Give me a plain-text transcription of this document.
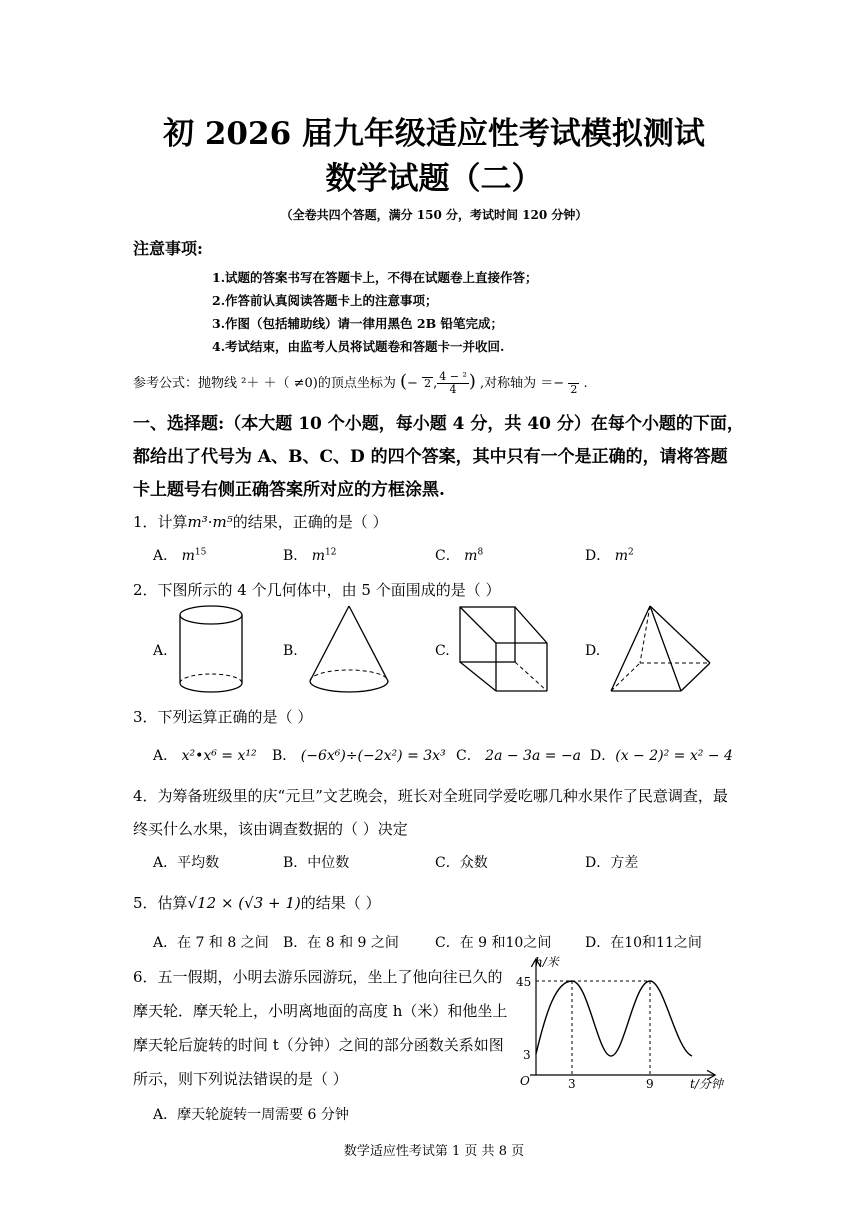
初 2026 届九年级适应性考试模拟测试
数学试题（二）
（全卷共四个答题，满分 150 分，考试时间 120 分钟）
注意事项:
1.试题的答案书写在答题卡上，不得在试题卷上直接作答；
2.作答前认真阅读答题卡上的注意事项；
3.作图（包括辅助线）请一律用黑色 2B 铅笔完成；
4.考试结束，由监考人员将试题卷和答题卡一并收回.
参考公式：抛物线 ²＋ ＋（ ≠0)的顶点坐标为 (− 2 , $\frac{\text{4 − ²}}{4}$ ) ,对称轴为 ＝−
2 .
一、选择题:（本大题 10 个小题，每小题 4 分，共 40 分）在每个小题的下面，
都给出了代号为 A、B、C、D 的四个答案，其中只有一个是正确的，请将答题
卡上题号右侧正确答案所对应的方框涂黑.
1．计算m³·m⁵的结果，正确的是（ ）
A． $m^{15}$	B． $m^{12}$	C． $m^8$	D． $m^2$
2．下图所示的 4 个几何体中，由 5 个面围成的是（ ）
A.	B.	C.	D.
3．下列运算正确的是（ ）
A． x²•x⁶ = x¹² B． (−6x⁶)÷(−2x²) = 3x³ C． 2a − 3a = −a D．(x − 2)² = x² − 4
4．为筹备班级里的庆“元旦”文艺晚会，班长对全班同学爱吃哪几种水果作了民意调查，最
终买什么水果，该由调查数据的（ ）决定
A．平均数	B．中位数	C．众数	D．方差
5．估算√12 × (√3 + 1)的结果（ ）
A．在 7 和 8 之间 B．在 8 和 9 之间	C．在 9 和10之间 D．在10和11之间
6．五一假期，小明去游乐园游玩，坐上了他向往已久的
摩天轮．摩天轮上，小明离地面的高度 h（米）和他坐上
摩天轮后旋转的时间 t（分钟）之间的部分函数关系如图
所示，则下列说法错误的是（ ）
A．摩天轮旋转一周需要 6 分钟
h/米
t/分钟
O
45
3
3	9
数学适应性考试第 1 页 共 8 页
